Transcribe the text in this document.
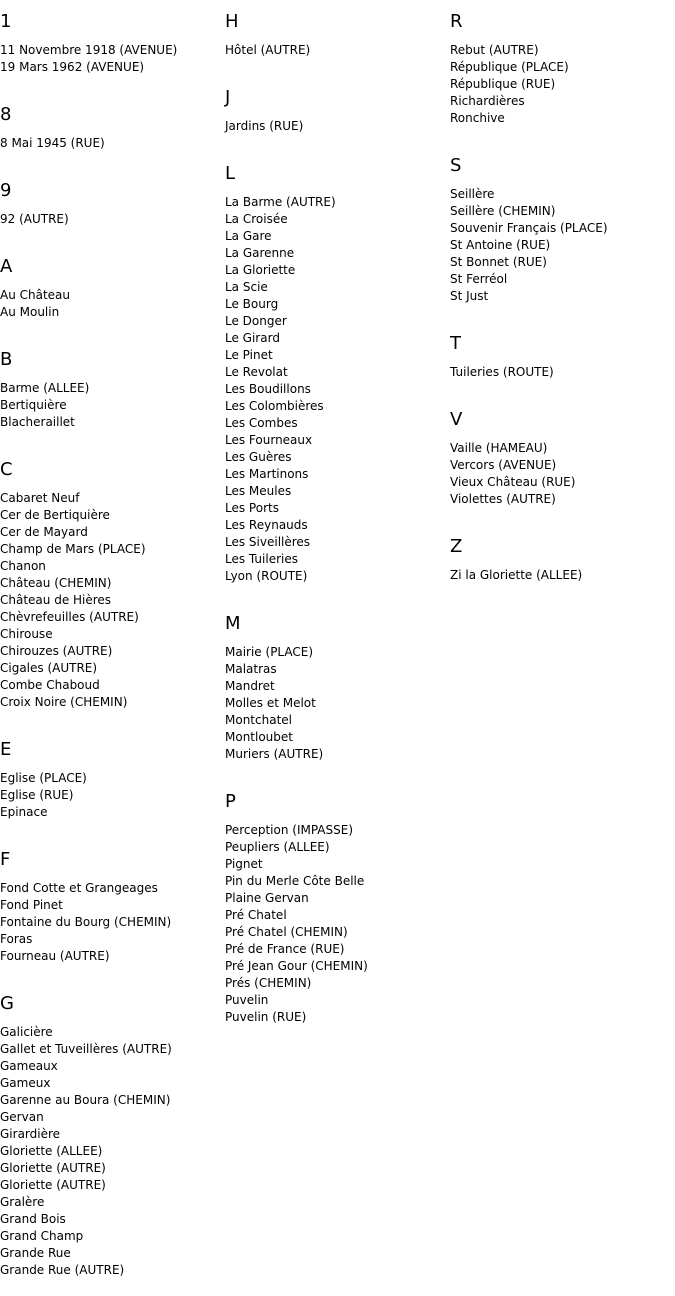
1
11 Novembre 1918 (AVENUE)
19 Mars 1962 (AVENUE)
8
8 Mai 1945 (RUE)
9
92 (AUTRE)
A
Au Château
Au Moulin
B
Barme (ALLEE)
Bertiquière
Blacheraillet
C
Cabaret Neuf
Cer de Bertiquière
Cer de Mayard
Champ de Mars (PLACE)
Chanon
Château (CHEMIN)
Château de Hières
Chèvrefeuilles (AUTRE)
Chirouse
Chirouzes (AUTRE)
Cigales (AUTRE)
Combe Chaboud
Croix Noire (CHEMIN)
E
Eglise (PLACE)
Eglise (RUE)
Epinace
F
Fond Cotte et Grangeages
Fond Pinet
Fontaine du Bourg (CHEMIN)
Foras
Fourneau (AUTRE)
G
Galicière
Gallet et Tuveillères (AUTRE)
Gameaux
Gameux
Garenne au Boura (CHEMIN)
Gervan
Girardière
Gloriette (ALLEE)
Gloriette (AUTRE)
Gloriette (AUTRE)
Gralère
Grand Bois
Grand Champ
Grande Rue
Grande Rue (AUTRE)
H
Hôtel (AUTRE)
J
Jardins (RUE)
L
La Barme (AUTRE)
La Croisée
La Gare
La Garenne
La Gloriette
La Scie
Le Bourg
Le Donger
Le Girard
Le Pinet
Le Revolat
Les Boudillons
Les Colombières
Les Combes
Les Fourneaux
Les Guères
Les Martinons
Les Meules
Les Ports
Les Reynauds
Les Siveillères
Les Tuileries
Lyon (ROUTE)
M
Mairie (PLACE)
Malatras
Mandret
Molles et Melot
Montchatel
Montloubet
Muriers (AUTRE)
P
Perception (IMPASSE)
Peupliers (ALLEE)
Pignet
Pin du Merle Côte Belle
Plaine Gervan
Pré Chatel
Pré Chatel (CHEMIN)
Pré de France (RUE)
Pré Jean Gour (CHEMIN)
Prés (CHEMIN)
Puvelin
Puvelin (RUE)
R
Rebut (AUTRE)
République (PLACE)
République (RUE)
Richardières
Ronchive
S
Seillère
Seillère (CHEMIN)
Souvenir Français (PLACE)
St Antoine (RUE)
St Bonnet (RUE)
St Ferréol
St Just
T
Tuileries (ROUTE)
V
Vaille (HAMEAU)
Vercors (AVENUE)
Vieux Château (RUE)
Violettes (AUTRE)
Z
Zi la Gloriette (ALLEE)
